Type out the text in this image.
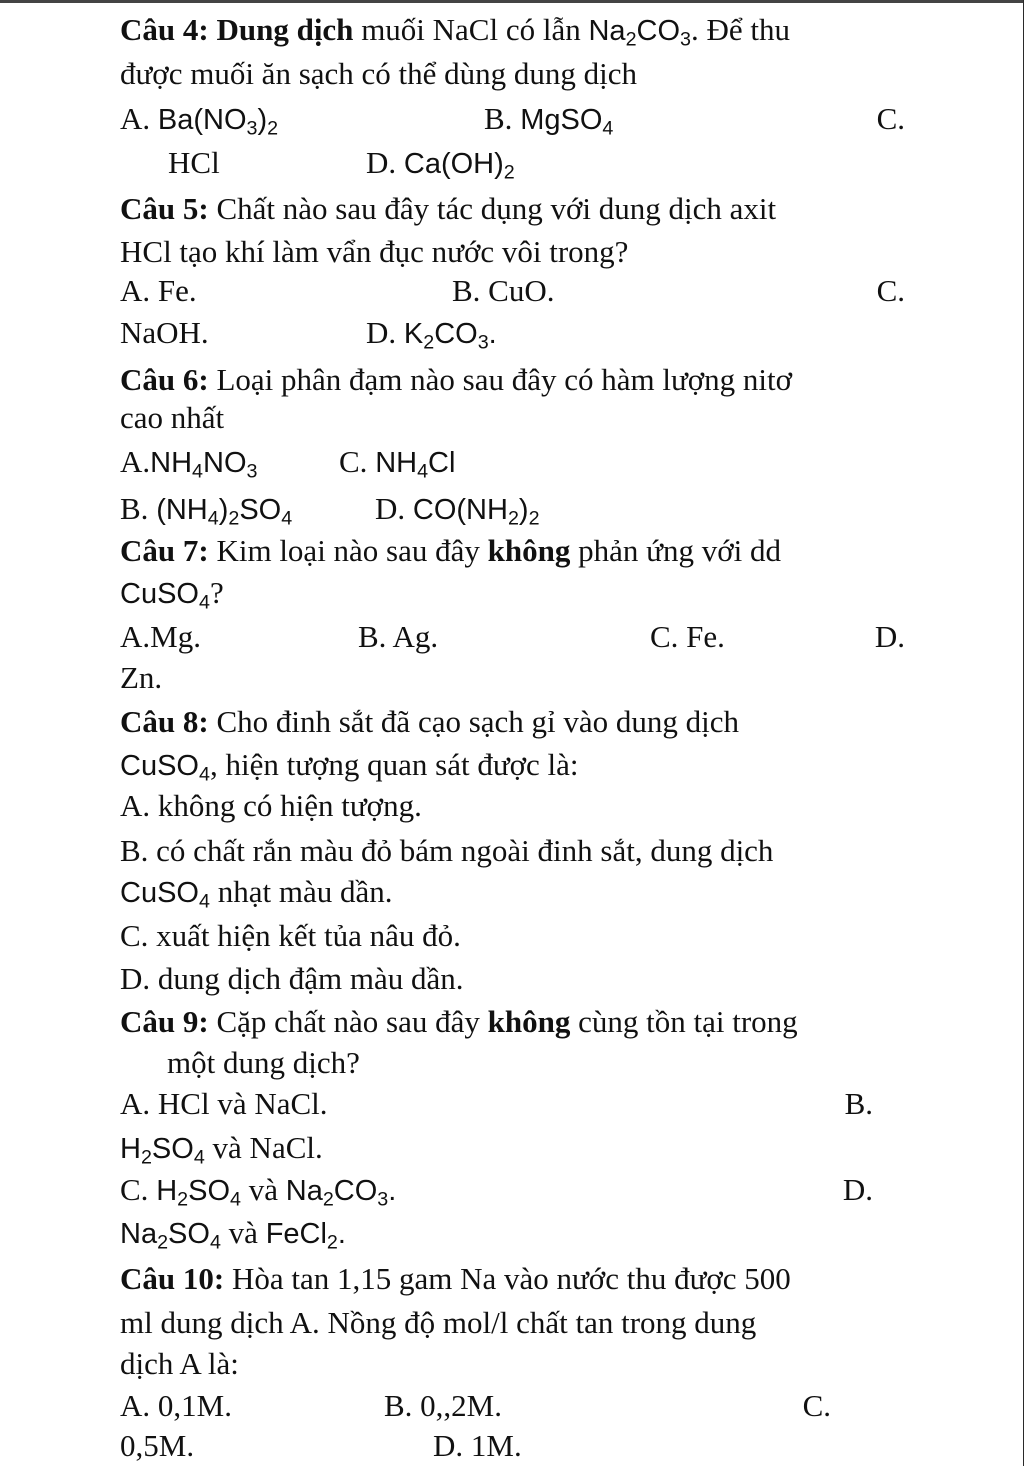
Câu 4: Dung dịch muối NaCl có lẫn $Na_2CO_3$. Để thu
được muối ăn sạch có thể dùng dung dịch
A. $Ba(NO_3)_2$	B. MgSO$_4$	C.
HCl	D. $Ca(OH)_2$
Câu 5: Chất nào sau đây tác dụng với dung dịch axit
HCl tạo khí làm vẩn đục nước vôi trong?
A. Fe.	B. CuO.	C.
NaOH.	D. $K_2CO_3$.
Câu 6: Loại phân đạm nào sau đây có hàm lượng nitơ
cao nhất
$A.NH_4NO_3$	C. $NH_4Cl$
B. $(NH_4)_2SO_4$	D. $CO(NH_2)_2$
Câu 7: Kim loại nào sau đây không phản ứng với dd
CuSO$_4$?
A.Mg.	B. Ag.	C. Fe.	D.
Zn.
Câu 8: Cho đinh sắt đã cạo sạch gỉ vào dung dịch
CuSO$_4$, hiện tượng quan sát được là:
A. không có hiện tượng.
B. có chất rắn màu đỏ bám ngoài đinh sắt, dung dịch
CuSO$_4$ nhạt màu dần.
C. xuất hiện kết tủa nâu đỏ.
D. dung dịch đậm màu dần.
Câu 9: Cặp chất nào sau đây không cùng tồn tại trong
một dung dịch?
A. HCl và NaCl.	B.
$H_2SO_4$ và NaCl.
C. $H_2SO_4$ và $Na_2CO_3$.	D.
$Na_2SO_4$ và FeCl$_2$.
Câu 10: Hòa tan 1,15 gam Na vào nước thu được 500
ml dung dịch A. Nồng độ mol/l chất tan trong dung
dịch A là:
A. 0,1M.	B. 0,,2M.	C.
0,5M.	D. 1M.
